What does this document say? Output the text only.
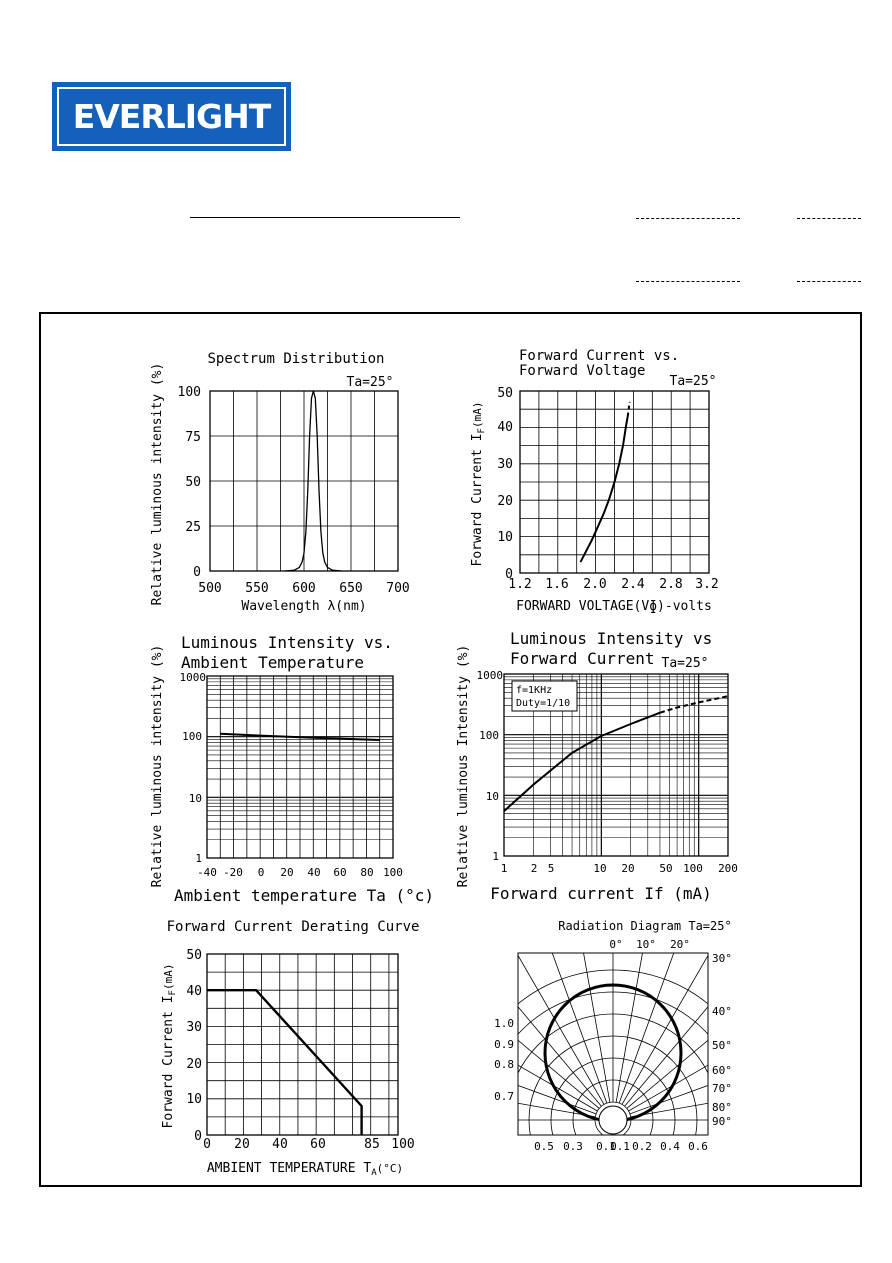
EVERLIGHT
Spectrum Distribution
Ta=25°
0
25
50
75
100
500 550 600 650 700
Wavelength λ(nm)
Relative luminous intensity (%)
Forward Current vs.
Forward Voltage
Ta=25°
0
10
20
30
40
50
1.2 1.6 2.0 2.4 2.8 3.2
FORWARD VOLTAGE(Vɸ)-volts
Forward Current $I_F^{(mA)}$
Luminous Intensity vs.
Ambient Temperature
1
10
100
1000
-40 -20 0 20 40 60 80 100
Ambient temperature Ta (°c)
Relative luminous intensity (%)
Luminous Intensity vs
Forward Current Ta=25°
f=1KHz
Duty=1/10
1
10
100
1000
1 2 5	10 20 50 100 200
Forward current If (mA)
Relative luminous Intensity (%)
Forward Current Derating Curve
0
10
20
30
40
50
0 20 40 60	85 100
AMBIENT TEMPERATURE $T_A^{(^\circ C)}$
Forward Current $I_F^{(mA)}$
Radiation Diagram Ta=25°
0° 10° 20°
30°
40°
50°
60°
70°
80°
90°
1.0
0.9
0.8
0.7
0.5 0.3 0.1
0.1 0.2 0.4 0.6
